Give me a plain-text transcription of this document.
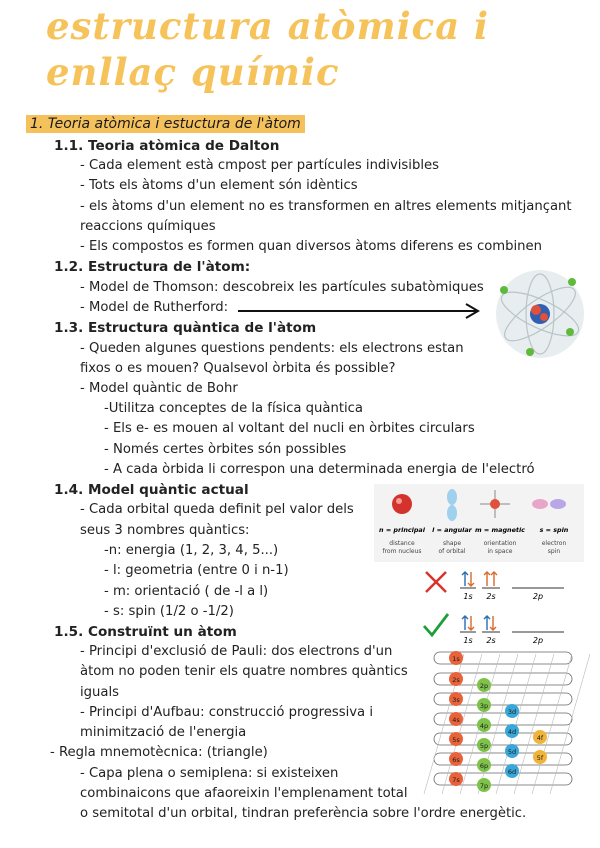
estructura atòmica i
enllaç químic
1. Teoria atòmica i estuctura de l'àtom
1.1. Teoria atòmica de Dalton
- Cada element està cmpost per partícules indivisibles
- Tots els àtoms d'un element són idèntics
- els àtoms d'un element no es transformen en altres elements mitjançant
reaccions químiques
- Els compostos es formen quan diversos àtoms diferens es combinen
1.2. Estructura de l'àtom:
- Model de Thomson: descobreix les partícules subatòmiques
- Model de Rutherford:
1.3. Estructura quàntica de l'àtom
- Queden algunes questions pendents: els electrons estan
fixos o es mouen? Qualsevol òrbita és possible?
- Model quàntic de Bohr
-Utilitza conceptes de la física quàntica
- Els e- es mouen al voltant del nucli en òrbites circulars
- Només certes òrbites són possibles
- A cada òrbida li correspon una determinada energia de l'electró
1.4. Model quàntic actual
- Cada orbital queda definit pel valor dels
seus 3 nombres quàntics:
-n: energia (1, 2, 3, 4, 5...)
- l: geometria (entre 0 i n-1)
- m: orientació ( de -l a l)
- s: spin (1/2 o -1/2)
n = principal l = angular m = magnetic s = spin
distance
from nucleus
shape
of orbital
orientation
in space
electron
spin
1s 2s	2p
1s 2s	2p
1.5. Construïnt un àtom
- Principi d'exclusió de Pauli: dos electrons d'un
àtom no poden tenir els quatre nombres quàntics
iguals
- Principi d'Aufbau: construcció progressiva i
minimització de l'energia
- Regla mnemotècnica: (triangle)
- Capa plena o semiplena: si existeixen
combinaicons que afaoreixin l'emplenament total
o semitotal d'un orbital, tindran preferència sobre l'ordre energètic.
1s
2s
2p
3s
3p
3d
4s
4p
4d
4f
5s
5p
5d
5f
6s
6p
6d
7s
7p
